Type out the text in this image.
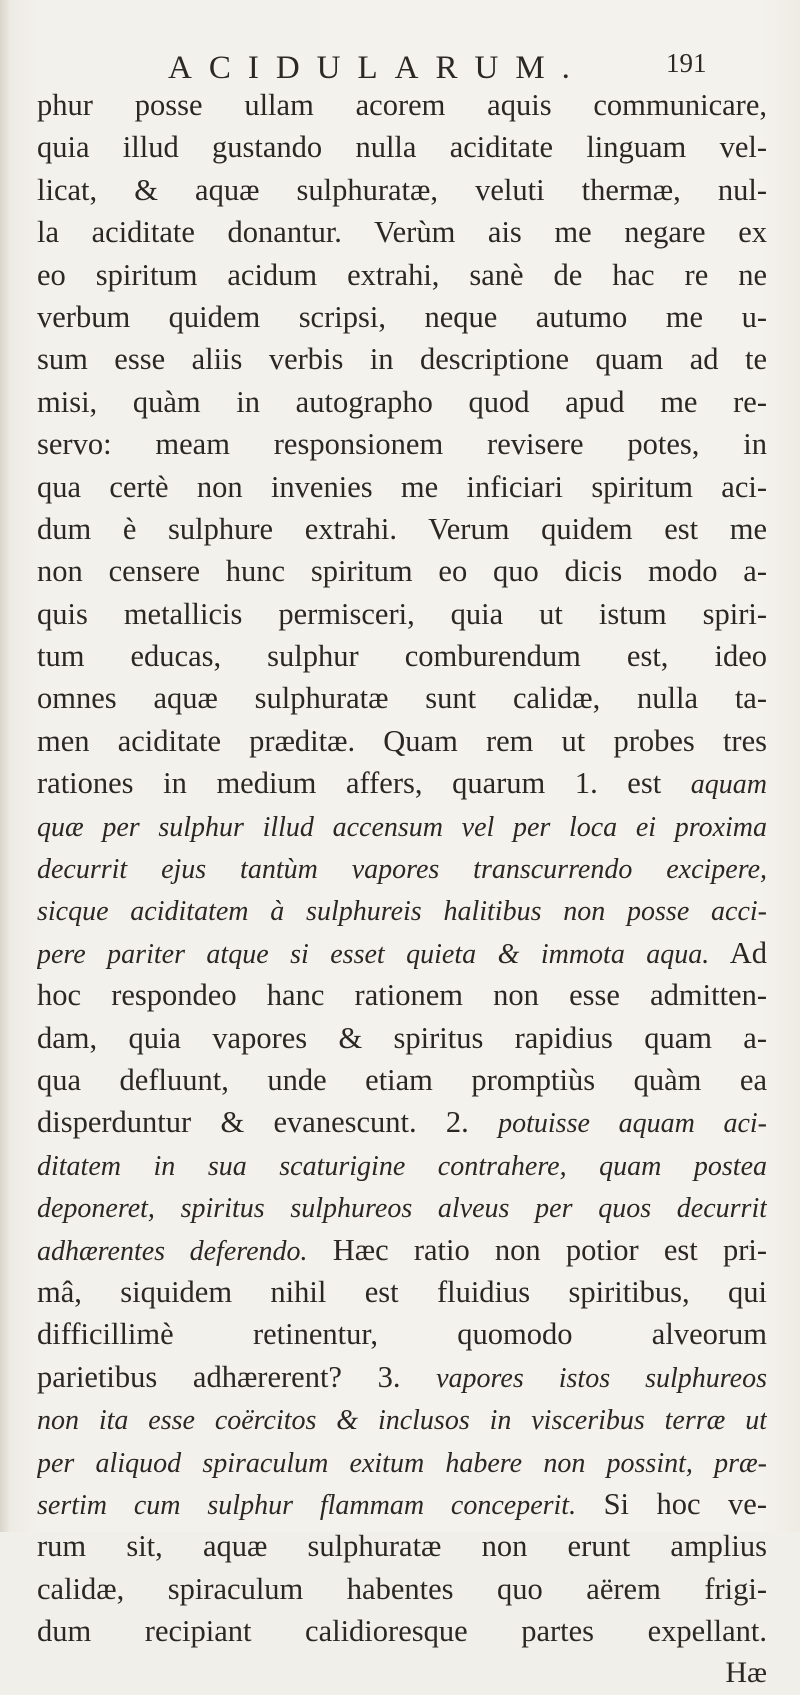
ACIDULARUM.	191
phur posse ullam acorem aquis communicare,
quia illud gustando nulla aciditate linguam vel-
licat, & aquæ sulphuratæ, veluti thermæ, nul-
la aciditate donantur. Verùm ais me negare ex
eo spiritum acidum extrahi, sanè de hac re ne
verbum quidem scripsi, neque autumo me u-
sum esse aliis verbis in descriptione quam ad te
misi, quàm in autographo quod apud me re-
servo: meam responsionem revisere potes, in
qua certè non invenies me inficiari spiritum aci-
dum è sulphure extrahi. Verum quidem est me
non censere hunc spiritum eo quo dicis modo a-
quis metallicis permisceri, quia ut istum spiri-
tum educas, sulphur comburendum est, ideo
omnes aquæ sulphuratæ sunt calidæ, nulla ta-
men aciditate præditæ. Quam rem ut probes tres
rationes in medium affers, quarum 1. est aquam
quæ per sulphur illud accensum vel per loca ei proxima
decurrit ejus tantùm vapores transcurrendo excipere,
sicque aciditatem à sulphureis halitibus non posse acci-
pere pariter atque si esset quieta & immota aqua. Ad
hoc respondeo hanc rationem non esse admitten-
dam, quia vapores & spiritus rapidius quam a-
qua defluunt, unde etiam promptiùs quàm ea
disperduntur & evanescunt. 2. potuisse aquam aci-
ditatem in sua scaturigine contrahere, quam postea
deponeret, spiritus sulphureos alveus per quos decurrit
adhærentes deferendo. Hæc ratio non potior est pri-
mâ, siquidem nihil est fluidius spiritibus, qui
difficillimè retinentur, quomodo alveorum
parietibus adhærerent? 3. vapores istos sulphureos
non ita esse coërcitos & inclusos in visceribus terræ ut
per aliquod spiraculum exitum habere non possint, præ-
sertim cum sulphur flammam conceperit. Si hoc ve-
rum sit, aquæ sulphuratæ non erunt amplius
calidæ, spiraculum habentes quo aërem frigi-
dum recipiant calidioresque partes expellant.
Hæ
